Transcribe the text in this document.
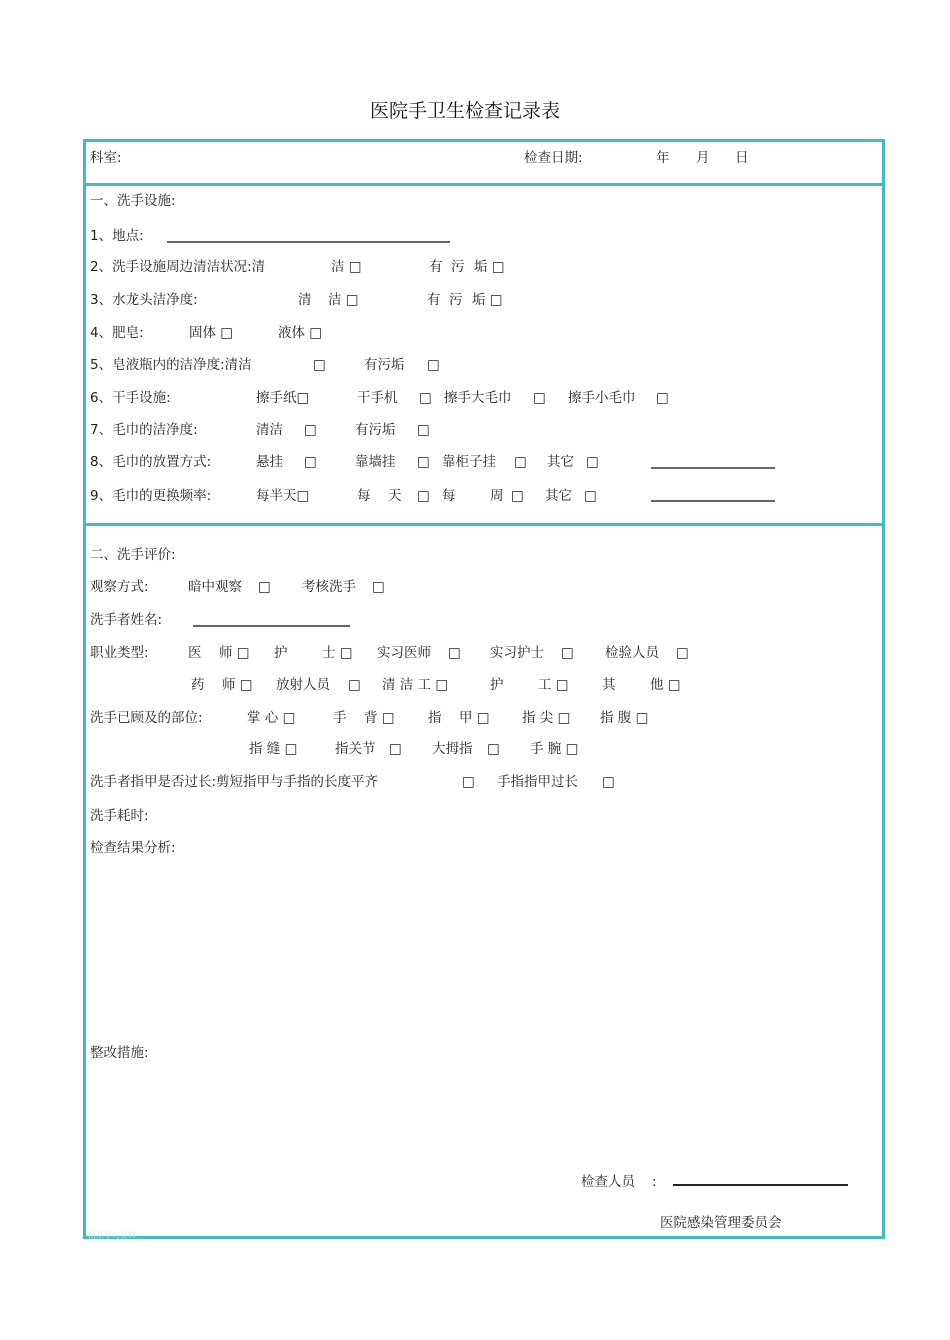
医院手卫生检查记录表
科室:	检查日期:	年 月 日
一、洗手设施:
1、地点:
2、洗手设施周边清洁状况:清	洁 □	有 污 垢 □
3、水龙头洁净度:	清 洁 □	有 污 垢 □
4、肥皂:	固体 □	液体 □
5、皂液瓶内的洁净度:清洁	□	有污垢 □
6、干手设施:	擦手纸□	干手机 □ 擦手大毛巾 □ 擦手小毛巾 □
7、毛巾的洁净度:	清洁 □	有污垢 □
8、毛巾的放置方式:	悬挂 □	靠墙挂 □ 靠柜子挂 □ 其它 □
9、毛巾的更换频率:	每半天□	每 天 □ 每	周 □ 其它 □
二、洗手评价:
观察方式:	暗中观察 □ 考核洗手 □
洗手者姓名:
职业类型:	医 师 □ 护	士 □ 实习医师 □ 实习护士 □ 检验人员 □
药 师 □ 放射人员 □ 清 洁 工 □	护	工 □ 其	他 □
洗手已顾及的部位:	掌 心 □	手 背 □ 指 甲 □ 指 尖 □ 指 腹 □
指 缝 □	指关节 □ 大拇指 □ 手 腕 □
洗手者指甲是否过长:剪短指甲与手指的长度平齐	□ 手指指甲过长 □
洗手耗时:
检查结果分析:
整改措施:
检查人员 :
医院感染管理委员会
精品学习资料
